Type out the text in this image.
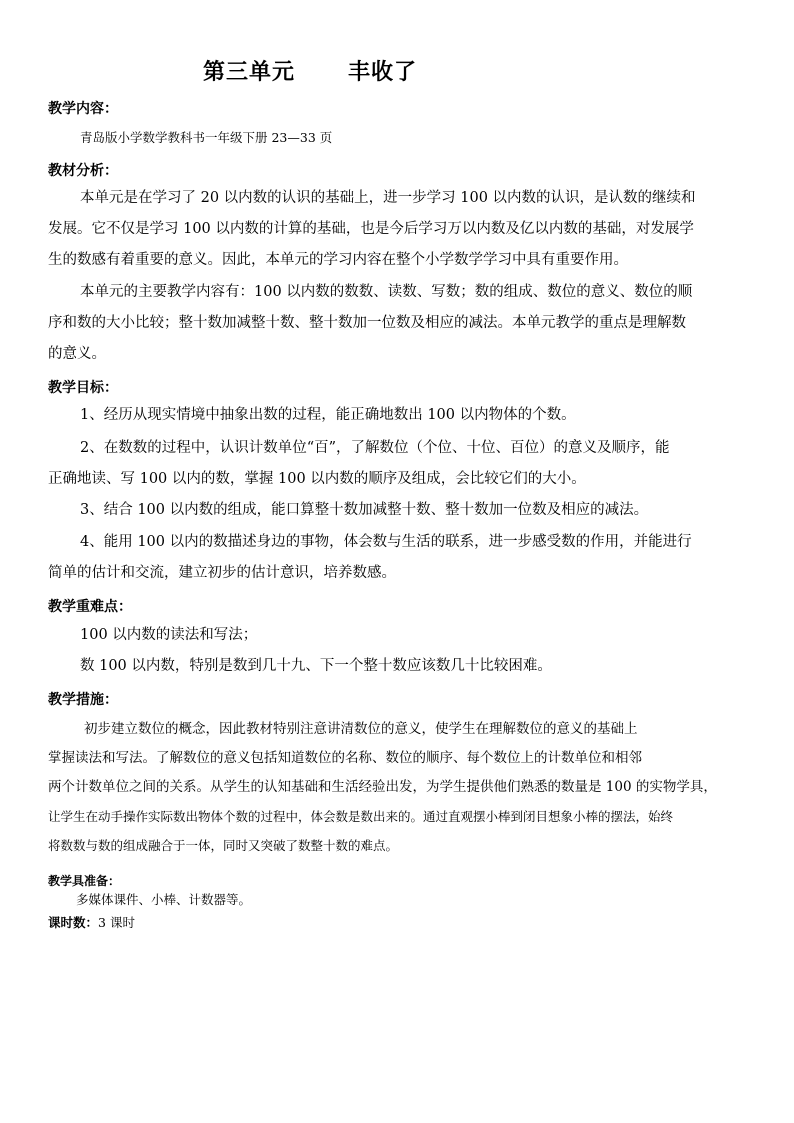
第三单元 丰收了
教学内容：
青岛版小学数学教科书一年级下册 23—33 页
教材分析：
本单元是在学习了 20 以内数的认识的基础上，进一步学习 100 以内数的认识，是认数的继续和
发展。它不仅是学习 100 以内数的计算的基础，也是今后学习万以内数及亿以内数的基础，对发展学
生的数感有着重要的意义。因此，本单元的学习内容在整个小学数学学习中具有重要作用。
本单元的主要教学内容有：100 以内数的数数、读数、写数；数的组成、数位的意义、数位的顺
序和数的大小比较；整十数加减整十数、整十数加一位数及相应的减法。本单元教学的重点是理解数
的意义。
教学目标：
1、经历从现实情境中抽象出数的过程，能正确地数出 100 以内物体的个数。
2、在数数的过程中，认识计数单位“百”，了解数位（个位、十位、百位）的意义及顺序，能
正确地读、写 100 以内的数，掌握 100 以内数的顺序及组成，会比较它们的大小。
3、结合 100 以内数的组成，能口算整十数加减整十数、整十数加一位数及相应的减法。
4、能用 100 以内的数描述身边的事物，体会数与生活的联系，进一步感受数的作用，并能进行
简单的估计和交流，建立初步的估计意识，培养数感。
教学重难点：
100 以内数的读法和写法；
数 100 以内数，特别是数到几十九、下一个整十数应该数几十比较困难。
教学措施：
初步建立数位的概念，因此教材特别注意讲清数位的意义，使学生在理解数位的意义的基础上
掌握读法和写法。了解数位的意义包括知道数位的名称、数位的顺序、每个数位上的计数单位和相邻
两个计数单位之间的关系。从学生的认知基础和生活经验出发，为学生提供他们熟悉的数量是 100 的实物学具，
让学生在动手操作实际数出物体个数的过程中，体会数是数出来的。通过直观摆小棒到闭目想象小棒的摆法，始终
将数数与数的组成融合于一体，同时又突破了数整十数的难点。
教学具准备：
多媒体课件、小棒、计数器等。
课时数：3 课时
